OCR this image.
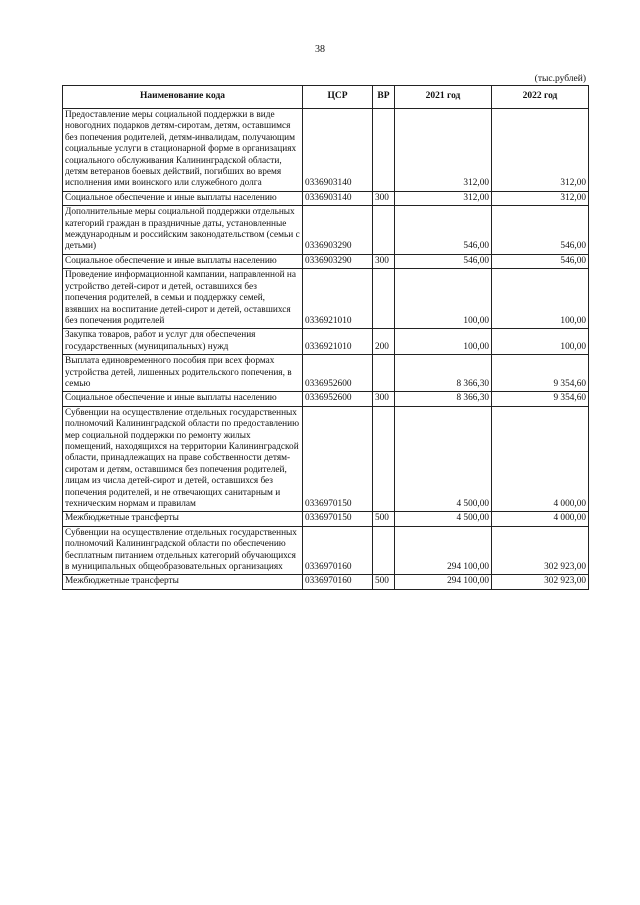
38
(тыс.рублей)
Наименование кода	ЦСР	ВР	2021 год	2022 год
Предоставление меры социальной поддержки в виде новогодних подарков детям-сиротам, детям, оставшимся без попечения родителей, детям-инвалидам, получающим социальные услуги в стационарной форме в организациях социального обслуживания Калининградской области, детям ветеранов боевых действий, погибших во время исполнения ими воинского или служебного долга	0336903140		312,00	312,00
Социальное обеспечение и иные выплаты населению	0336903140	300	312,00	312,00
Дополнительные меры социальной поддержки отдельных категорий граждан в праздничные даты, установленные международным и российским законодательством (семьи с детьми)	0336903290		546,00	546,00
Социальное обеспечение и иные выплаты населению	0336903290	300	546,00	546,00
Проведение информационной кампании, направленной на устройство детей-сирот и детей, оставшихся без попечения родителей, в семьи и поддержку семей, взявших на воспитание детей-сирот и детей, оставшихся без попечения родителей	0336921010		100,00	100,00
Закупка товаров, работ и услуг для обеспечения государственных (муниципальных) нужд	0336921010	200	100,00	100,00
Выплата единовременного пособия при всех формах устройства детей, лишенных родительского попечения, в семью	0336952600		8 366,30	9 354,60
Социальное обеспечение и иные выплаты населению	0336952600	300	8 366,30	9 354,60
Субвенции на осуществление отдельных государственных полномочий Калининградской области по предоставлению мер социальной поддержки по ремонту жилых помещений, находящихся на территории Калининградской области, принадлежащих на праве собственности детям-сиротам и детям, оставшимся без попечения родителей, лицам из числа детей-сирот и детей, оставшихся без попечения родителей, и не отвечающих санитарным и техническим нормам и правилам	0336970150		4 500,00	4 000,00
Межбюджетные трансферты	0336970150	500	4 500,00	4 000,00
Субвенции на осуществление отдельных государственных полномочий Калининградской области по обеспечению бесплатным питанием отдельных категорий обучающихся в муниципальных общеобразовательных организациях	0336970160		294 100,00	302 923,00
Межбюджетные трансферты	0336970160	500	294 100,00	302 923,00
